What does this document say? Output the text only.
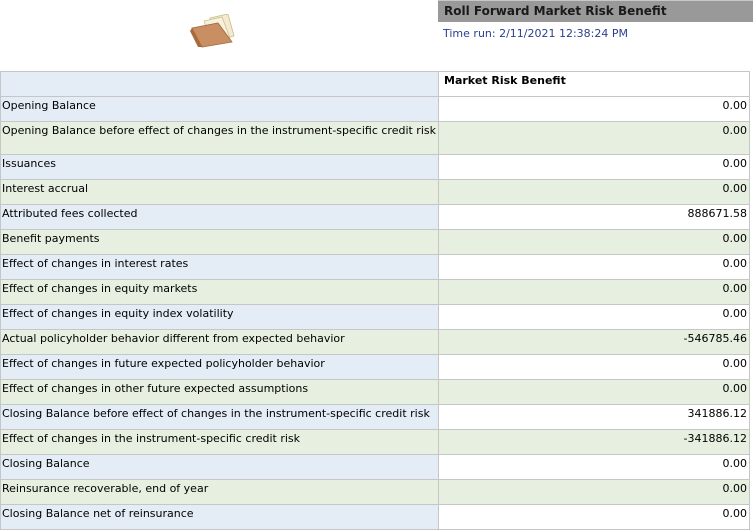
Roll Forward Market Risk Benefit
Time run: 2/11/2021 12:38:24 PM
	Market Risk Benefit
Opening Balance	0.00
Opening Balance before effect of changes in the instrument-specific credit risk	0.00
Issuances	0.00
Interest accrual	0.00
Attributed fees collected	888671.58
Benefit payments	0.00
Effect of changes in interest rates	0.00
Effect of changes in equity markets	0.00
Effect of changes in equity index volatility	0.00
Actual policyholder behavior different from expected behavior	-546785.46
Effect of changes in future expected policyholder behavior	0.00
Effect of changes in other future expected assumptions	0.00
Closing Balance before effect of changes in the instrument-specific credit risk	341886.12
Effect of changes in the instrument-specific credit risk	-341886.12
Closing Balance	0.00
Reinsurance recoverable, end of year	0.00
Closing Balance net of reinsurance	0.00
